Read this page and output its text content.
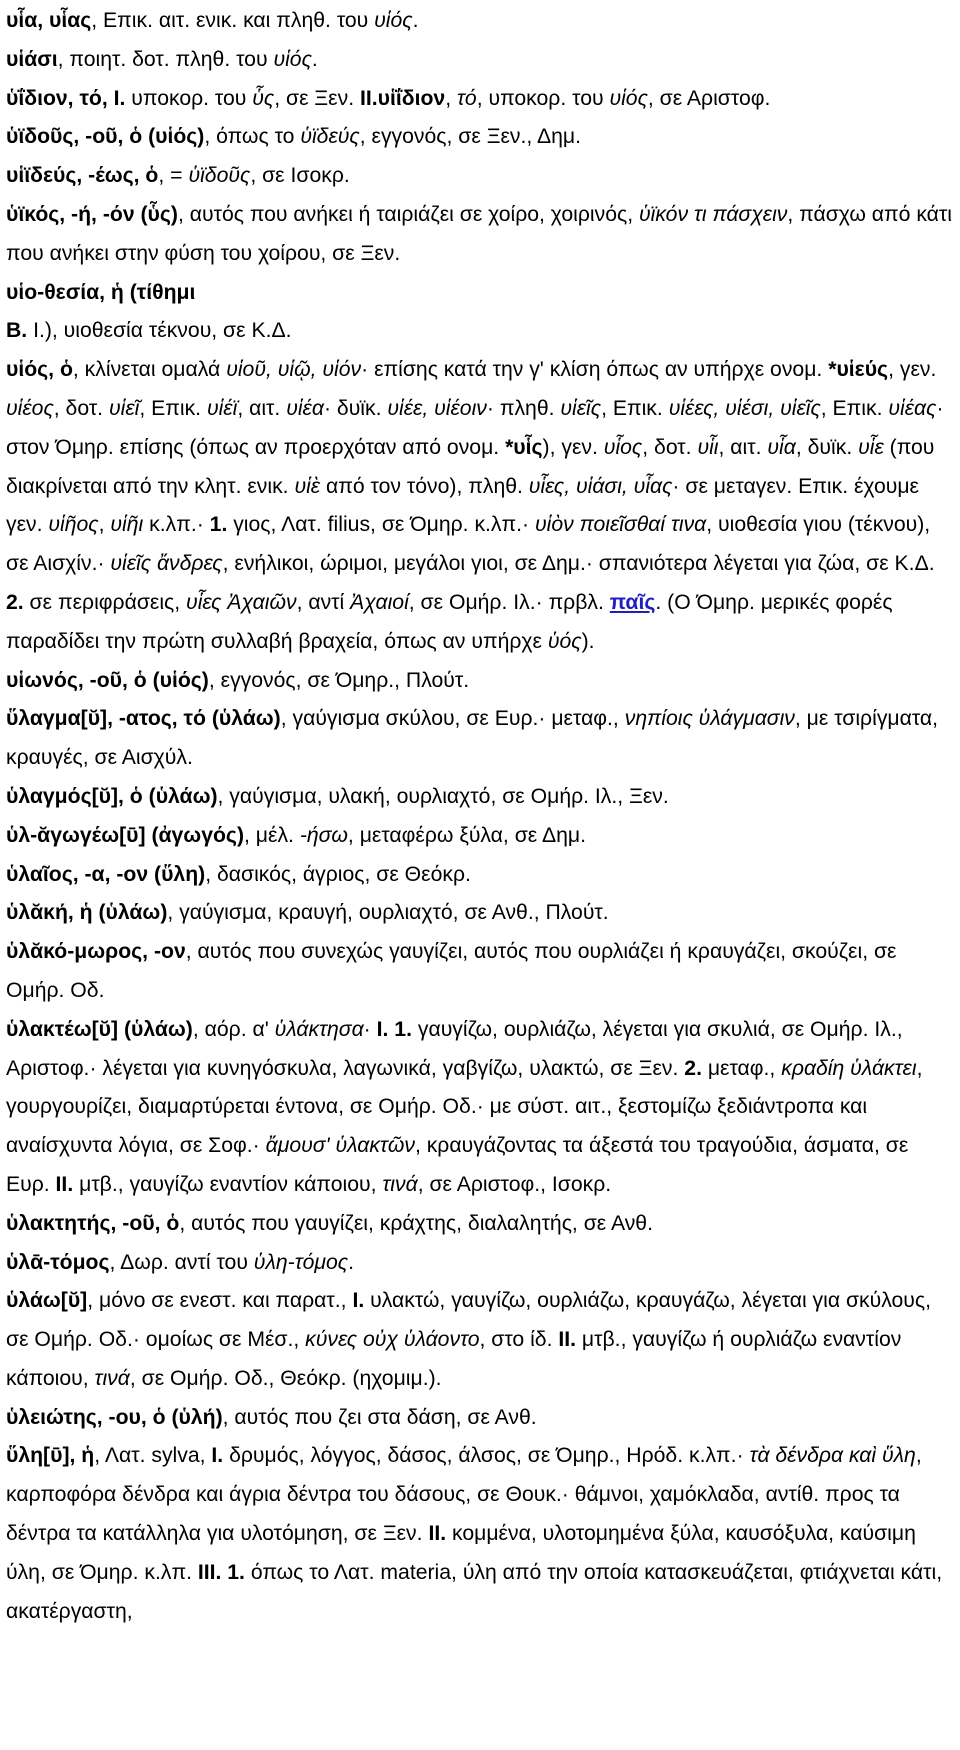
υἷα, υἷας, Επικ. αιτ. ενικ. και πληθ. του υἱός.

υἱάσι, ποιητ. δοτ. πληθ. του υἱός.

ὑΐδιον, τό, I. υποκορ. του ὗς, σε Ξεν. II.υἱΐδιον, τό, υποκορ. του υἱός, σε Αριστοφ.

ὑϊδοῦς, -οῦ, ὁ (υἱός), όπως το ὑϊδεύς, εγγονός, σε Ξεν., Δημ.

υἱϊδεύς, -έως, ὁ, = ὑϊδοῦς, σε Ισοκρ.

ὑϊκός, -ή, -όν (ὗς), αυτός που ανήκει ή ταιριάζει σε χοίρο, χοιρινός, ὑϊκόν τι πάσχειν, πάσχω από κάτι που ανήκει στην φύση του χοίρου, σε Ξεν.

υἱο-θεσία, ἡ (τίθημι

B. I.), υιοθεσία τέκνου, σε Κ.Δ.

υἱός, ὁ, κλίνεται ομαλά υἱοῦ, υἱῷ, υἱόν· επίσης κατά την γ' κλίση όπως αν υπήρχε ονομ. *υἱεύς, γεν. υἱέος, δοτ. υἱεῖ, Επικ. υἱέϊ, αιτ. υἱέα· δυϊκ. υἱέε, υἱέοιν· πληθ. υἱεῖς, Επικ. υἱέες, υἱέσι, υἱεῖς, Επικ. υἱέας· στον Όμηρ. επίσης (όπως αν προερχόταν από ονομ. *υἷς), γεν. υἷος, δοτ. υἷι, αιτ. υἷα, δυϊκ. υἷε (που διακρίνεται από την κλητ. ενικ. υἱὲ από τον τόνο), πληθ. υἷες, υἱάσι, υἷας· σε μεταγεν. Επικ. έχουμε γεν. υἱῆος, υἱῆι κ.λπ.· 1. γιος, Λατ. filius, σε Όμηρ. κ.λπ.· υἱὸν ποιεῖσθαί τινα, υιοθεσία γιου (τέκνου), σε Αισχίν.· υἱεῖς ἄνδρες, ενήλικοι, ώριμοι, μεγάλοι γιοι, σε Δημ.· σπανιότερα λέγεται για ζώα, σε Κ.Δ. 2. σε περιφράσεις, υἷες Ἀχαιῶν, αντί Ἀχαιοί, σε Ομήρ. Ιλ.· πρβλ. παῖς. (Ο Όμηρ. μερικές φορές παραδίδει την πρώτη συλλαβή βραχεία, όπως αν υπήρχε ὑός).

υἱωνός, -οῦ, ὁ (υἱός), εγγονός, σε Όμηρ., Πλούτ.

ὕλαγμα[ῠ], -ατος, τό (ὑλάω), γαύγισμα σκύλου, σε Ευρ.· μεταφ., νηπίοις ὑλάγμασιν, με τσιρίγματα, κραυγές, σε Αισχύλ.

ὑλαγμός[ῠ], ὁ (ὑλάω), γαύγισμα, υλακή, ουρλιαχτό, σε Ομήρ. Ιλ., Ξεν.

ὑλ-ᾰγωγέω[ῡ] (ἀγωγός), μέλ. -ήσω, μεταφέρω ξύλα, σε Δημ.

ὑλαῖος, -α, -ον (ὕλη), δασικός, άγριος, σε Θεόκρ.

ὑλᾰκή, ἡ (ὑλάω), γαύγισμα, κραυγή, ουρλιαχτό, σε Ανθ., Πλούτ.

ὑλᾰκό-μωρος, -ον, αυτός που συνεχώς γαυγίζει, αυτός που ουρλιάζει ή κραυγάζει, σκούζει, σε Ομήρ. Οδ.

ὑλακτέω[ῠ] (ὑλάω), αόρ. α' ὑλάκτησα· I. 1. γαυγίζω, ουρλιάζω, λέγεται για σκυλιά, σε Ομήρ. Ιλ., Αριστοφ.· λέγεται για κυνηγόσκυλα, λαγωνικά, γαβγίζω, υλακτώ, σε Ξεν. 2. μεταφ., κραδίη ὑλάκτει, γουργουρίζει, διαμαρτύρεται έντονα, σε Ομήρ. Οδ.· με σύστ. αιτ., ξεστομίζω ξεδιάντροπα και αναίσχυντα λόγια, σε Σοφ.· ἄμουσ' ὑλακτῶν, κραυγάζοντας τα άξεστά του τραγούδια, άσματα, σε Ευρ. II. μτβ., γαυγίζω εναντίον κάποιου, τινά, σε Αριστοφ., Ισοκρ.

ὑλακτητής, -οῦ, ὁ, αυτός που γαυγίζει, κράχτης, διαλαλητής, σε Ανθ.

ὑλᾱ-τόμος, Δωρ. αντί του ὑλη-τόμος.

ὑλάω[ῠ], μόνο σε ενεστ. και παρατ., I. υλακτώ, γαυγίζω, ουρλιάζω, κραυγάζω, λέγεται για σκύλους, σε Ομήρ. Οδ.· ομοίως σε Μέσ., κύνες οὐχ ὑλάοντο, στο ίδ. II. μτβ., γαυγίζω ή ουρλιάζω εναντίον κάποιου, τινά, σε Ομήρ. Οδ., Θεόκρ. (ηχομιμ.).

ὑλειώτης, -ου, ὁ (ὑλή), αυτός που ζει στα δάση, σε Ανθ.

ὕλη[ῡ], ἡ, Λατ. sylva, I. δρυμός, λόγγος, δάσος, άλσος, σε Όμηρ., Ηρόδ. κ.λπ.· τὰ δένδρα καὶ ὕλη, καρποφόρα δένδρα και άγρια δέντρα του δάσους, σε Θουκ.· θάμνοι, χαμόκλαδα, αντίθ. προς τα δέντρα τα κατάλληλα για υλοτόμηση, σε Ξεν. II. κομμένα, υλοτομημένα ξύλα, καυσόξυλα, καύσιμη ύλη, σε Όμηρ. κ.λπ. III. 1. όπως το Λατ. materia, ύλη από την οποία κατασκευάζεται, φτιάχνεται κάτι, ακατέργαστη,
